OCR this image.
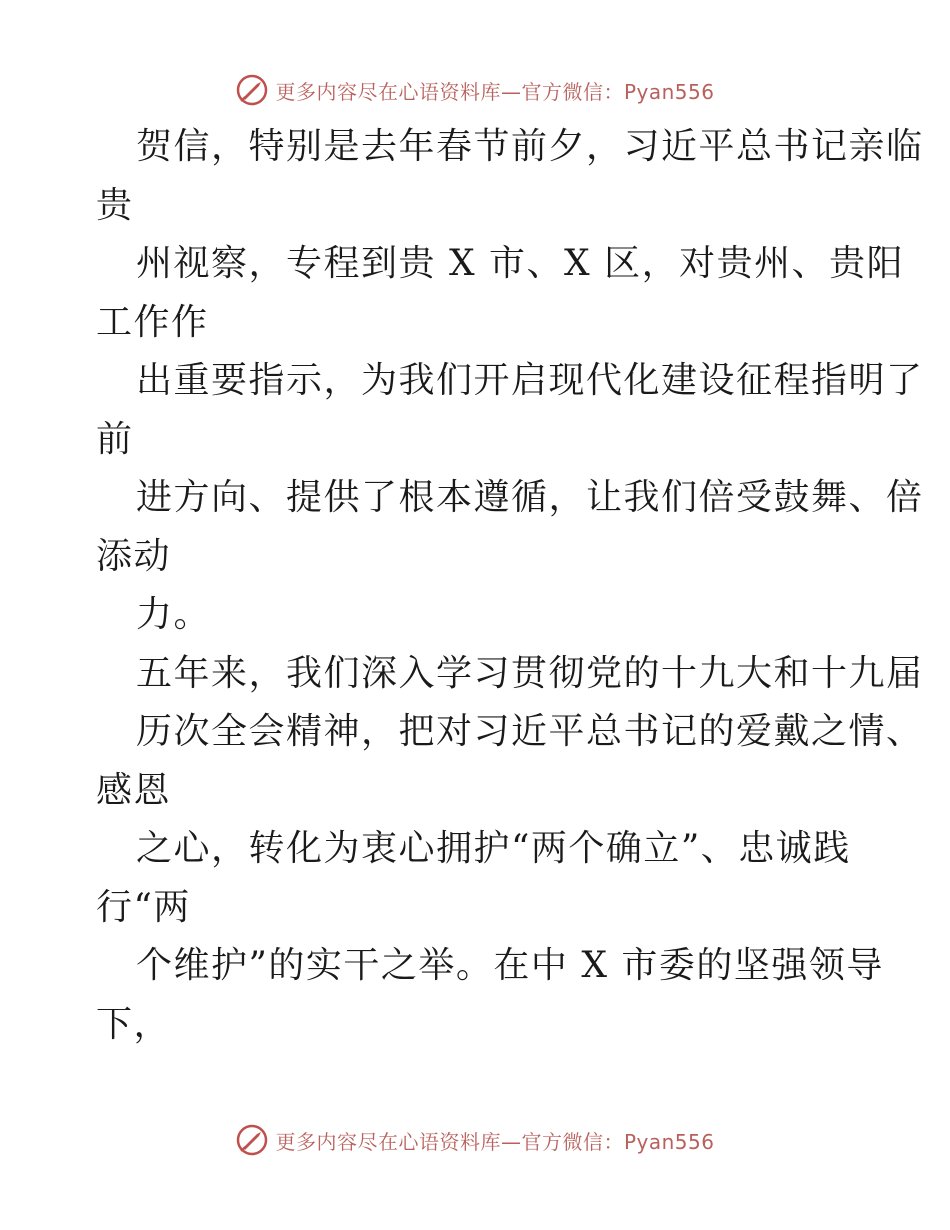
更多内容尽在心语资料库—官方微信：Pyan556
贺信，特别是去年春节前夕，习近平总书记亲临
贵
州视察，专程到贵 X 市、X 区，对贵州、贵阳
工作作
出重要指示，为我们开启现代化建设征程指明了
前
进方向、提供了根本遵循，让我们倍受鼓舞、倍
添动
力。
五年来，我们深入学习贯彻党的十九大和十九届
历次全会精神，把对习近平总书记的爱戴之情、
感恩
之心，转化为衷心拥护“两个确立”、忠诚践
行“两
个维护”的实干之举。在中 X 市委的坚强领导
下，
更多内容尽在心语资料库—官方微信：Pyan556
